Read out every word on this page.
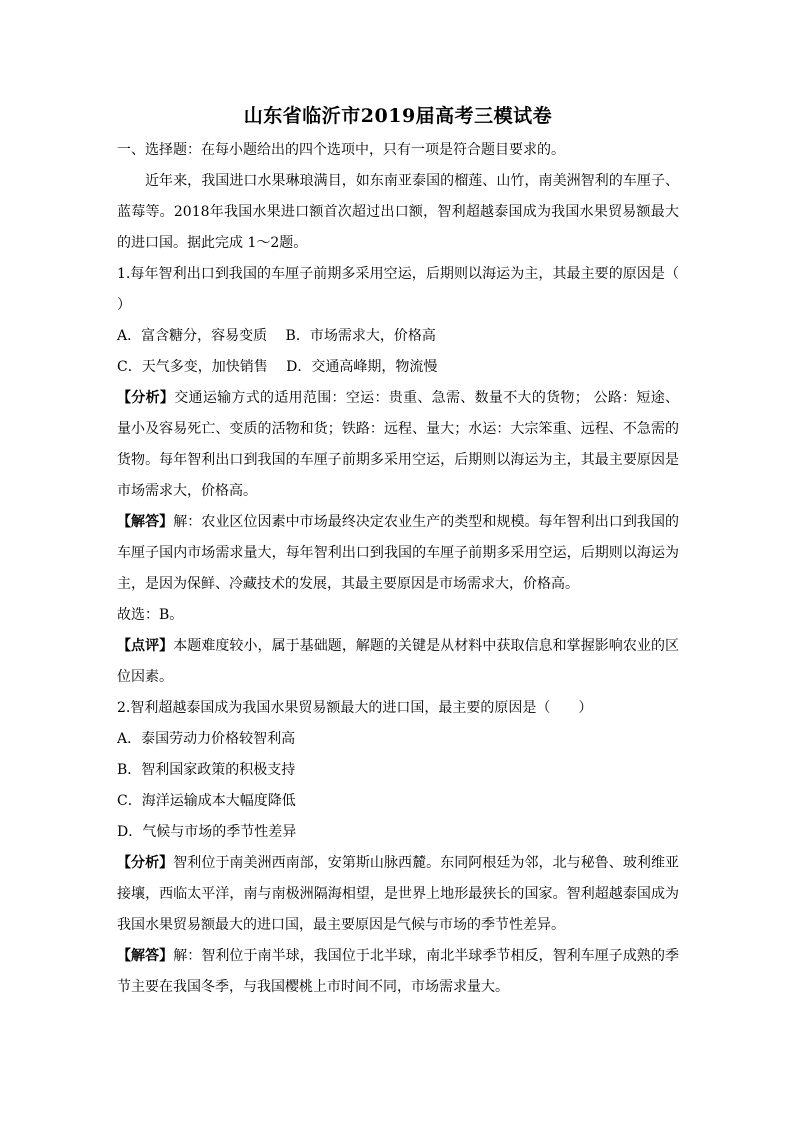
山东省临沂市2019届高考三模试卷

一、选择题：在每小题给出的四个选项中，只有一项是符合题目要求的。

近年来，我国进口水果琳琅满目，如东南亚泰国的榴莲、山竹，南美洲智利的车厘子、蓝莓等。2018年我国水果进口额首次超过出口额，智利超越泰国成为我国水果贸易额最大的进口国。据此完成 1～2题。

1.每年智利出口到我国的车厘子前期多采用空运，后期则以海运为主，其最主要的原因是（　　）

A．富含糖分，容易变质　 B．市场需求大，价格高

C．天气多变，加快销售　 D．交通高峰期，物流慢

【分析】交通运输方式的适用范围：空运：贵重、急需、数量不大的货物； 公路：短途、量小及容易死亡、变质的活物和货；铁路：远程、量大；水运：大宗笨重、远程、不急需的货物。每年智利出口到我国的车厘子前期多采用空运，后期则以海运为主，其最主要原因是市场需求大，价格高。

【解答】解：农业区位因素中市场最终决定农业生产的类型和规模。每年智利出口到我国的车厘子国内市场需求量大，每年智利出口到我国的车厘子前期多采用空运，后期则以海运为主，是因为保鲜、冷藏技术的发展，其最主要原因是市场需求大，价格高。

故选：B。

【点评】本题难度较小，属于基础题，解题的关键是从材料中获取信息和掌握影响农业的区位因素。

2.智利超越泰国成为我国水果贸易额最大的进口国，最主要的原因是（　　）

A．泰国劳动力价格较智利高

B．智利国家政策的积极支持

C．海洋运输成本大幅度降低

D．气候与市场的季节性差异

【分析】智利位于南美洲西南部，安第斯山脉西麓。东同阿根廷为邻，北与秘鲁、玻利维亚接壤，西临太平洋，南与南极洲隔海相望，是世界上地形最狭长的国家。智利超越泰国成为我国水果贸易额最大的进口国，最主要原因是气候与市场的季节性差异。

【解答】解：智利位于南半球，我国位于北半球，南北半球季节相反，智利车厘子成熟的季节主要在我国冬季，与我国樱桃上市时间不同，市场需求量大。
